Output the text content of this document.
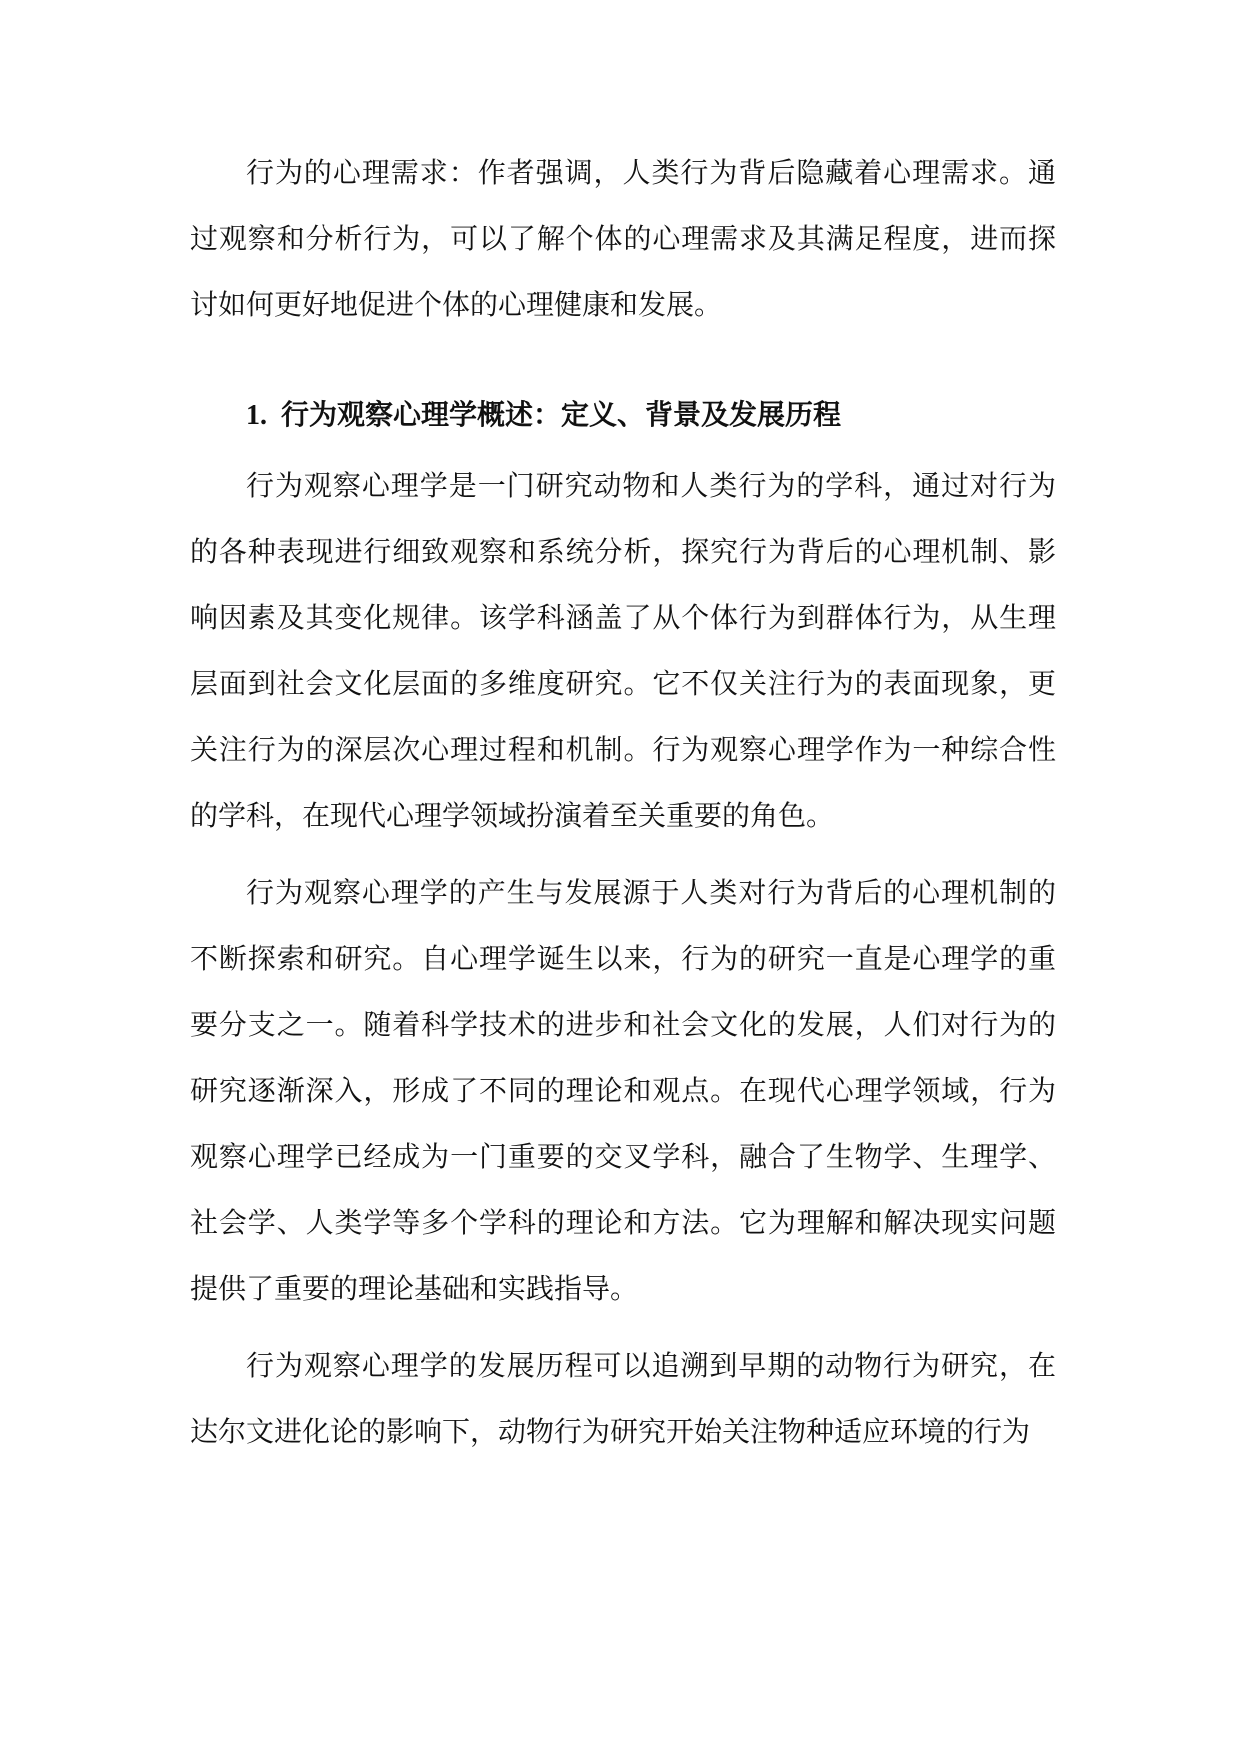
行为的心理需求：作者强调，人类行为背后隐藏着心理需求。通过观察和分析行为，可以了解个体的心理需求及其满足程度，进而探讨如何更好地促进个体的心理健康和发展。

1. 行为观察心理学概述：定义、背景及发展历程

行为观察心理学是一门研究动物和人类行为的学科，通过对行为的各种表现进行细致观察和系统分析，探究行为背后的心理机制、影响因素及其变化规律。该学科涵盖了从个体行为到群体行为，从生理层面到社会文化层面的多维度研究。它不仅关注行为的表面现象，更关注行为的深层次心理过程和机制。行为观察心理学作为一种综合性的学科，在现代心理学领域扮演着至关重要的角色。

行为观察心理学的产生与发展源于人类对行为背后的心理机制的不断探索和研究。自心理学诞生以来，行为的研究一直是心理学的重要分支之一。随着科学技术的进步和社会文化的发展，人们对行为的研究逐渐深入，形成了不同的理论和观点。在现代心理学领域，行为观察心理学已经成为一门重要的交叉学科，融合了生物学、生理学、社会学、人类学等多个学科的理论和方法。它为理解和解决现实问题提供了重要的理论基础和实践指导。

行为观察心理学的发展历程可以追溯到早期的动物行为研究，在达尔文进化论的影响下，动物行为研究开始关注物种适应环境的行为
